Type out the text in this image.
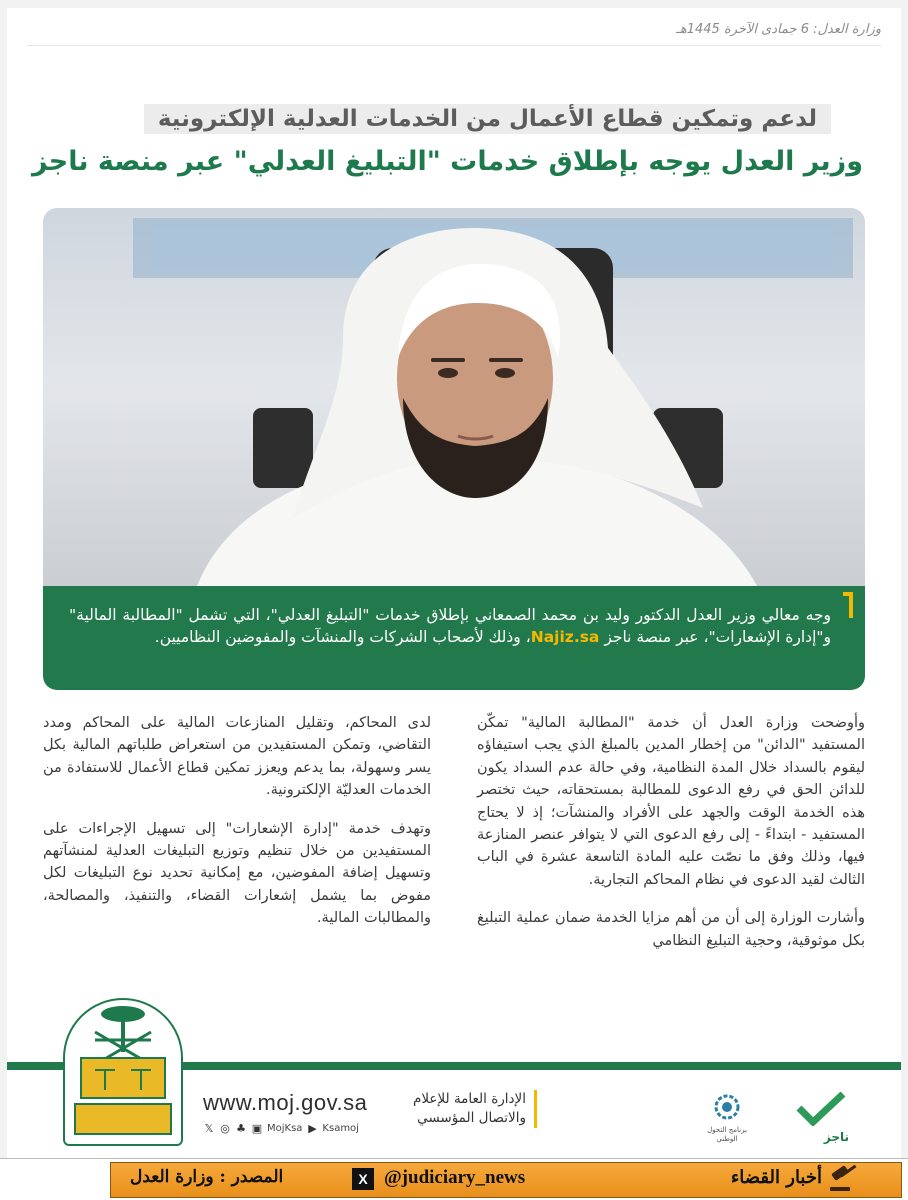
وزارة العدل: 6 جمادى الآخرة 1445هـ
لدعم وتمكين قطاع الأعمال من الخدمات العدلية الإلكترونية
وزير العدل يوجه بإطلاق خدمات "التبليغ العدلي" عبر منصة ناجز
وجه معالي وزير العدل الدكتور وليد بن محمد الصمعاني بإطلاق خدمات "التبليغ العدلي"، التي تشمل "المطالبة المالية" و"إدارة الإشعارات"، عبر منصة ناجز Najiz.sa، وذلك لأصحاب الشركات والمنشآت والمفوضين النظاميين.

وأوضحت وزارة العدل أن خدمة "المطالبة المالية" تمكّن المستفيد "الدائن" من إخطار المدين بالمبلغ الذي يجب استيفاؤه ليقوم بالسداد خلال المدة النظامية، وفي حالة عدم السداد يكون للدائن الحق في رفع الدعوى للمطالبة بمستحقاته، حيث تختصر هذه الخدمة الوقت والجهد على الأفراد والمنشآت؛ إذ لا يحتاج المستفيد - ابتداءً - إلى رفع الدعوى التي لا يتوافر عنصر المنازعة فيها، وذلك وفق ما نصّت عليه المادة التاسعة عشرة في الباب الثالث لقيد الدعوى في نظام المحاكم التجارية.

وأشارت الوزارة إلى أن من أهم مزايا الخدمة ضمان عملية التبليغ بكل موثوقية، وحجية التبليغ النظامي

لدى المحاكم، وتقليل المنازعات المالية على المحاكم ومدد التقاضي، وتمكن المستفيدين من استعراض طلباتهم المالية بكل يسر وسهولة، بما يدعم ويعزز تمكين قطاع الأعمال للاستفادة من الخدمات العدليّة الإلكترونية.

وتهدف خدمة "إدارة الإشعارات" إلى تسهيل الإجراءات على المستفيدين من خلال تنظيم وتوزيع التبليغات العدلية لمنشآتهم وتسهيل إضافة المفوضين، مع إمكانية تحديد نوع التبليغات لكل مفوض بما يشمل إشعارات القضاء، والتنفيذ، والمصالحة، والمطالبات المالية.

www.moj.gov.sa
𝕏 ◎ ♣ ▣ MojKsa ▶ Ksamoj
الإدارة العامة للإعلام والاتصال المؤسسي
برنامج التحول الوطني	ناجز
المصدر : وزارة العدل	X @judiciary_news	أخبار القضاء
